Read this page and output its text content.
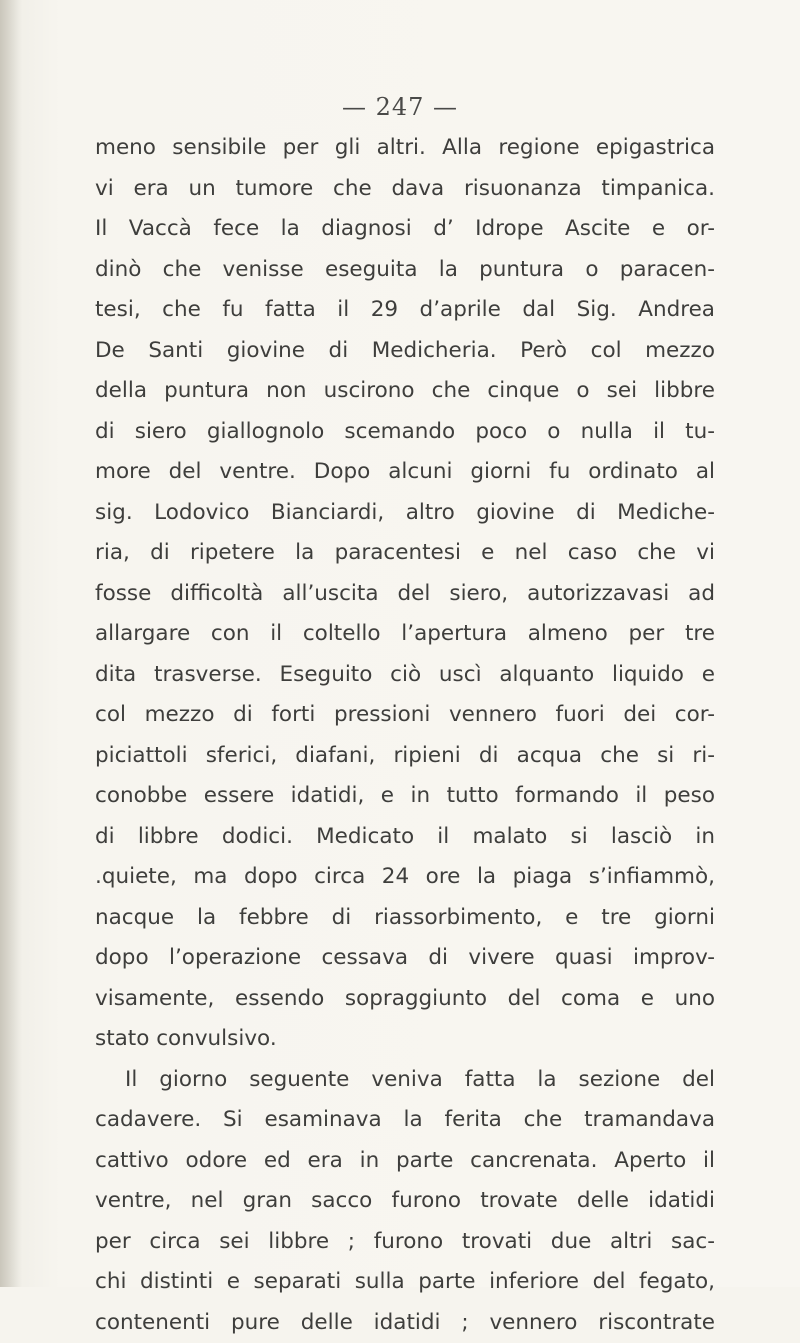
— 247 —
meno sensibile per gli altri. Alla regione epigastrica
vi era un tumore che dava risuonanza timpanica.
Il Vaccà fece la diagnosi d’ Idrope Ascite e or-
dinò che venisse eseguita la puntura o paracen-
tesi, che fu fatta il 29 d’aprile dal Sig. Andrea
De Santi giovine di Medicheria. Però col mezzo
della puntura non uscirono che cinque o sei libbre
di siero giallognolo scemando poco o nulla il tu-
more del ventre. Dopo alcuni giorni fu ordinato al
sig. Lodovico Bianciardi, altro giovine di Mediche-
ria, di ripetere la paracentesi e nel caso che vi
fosse difficoltà all’uscita del siero, autorizzavasi ad
allargare con il coltello l’apertura almeno per tre
dita trasverse. Eseguito ciò uscì alquanto liquido e
col mezzo di forti pressioni vennero fuori dei cor-
piciattoli sferici, diafani, ripieni di acqua che si ri-
conobbe essere idatidi, e in tutto formando il peso
di libbre dodici. Medicato il malato si lasciò in
.quiete, ma dopo circa 24 ore la piaga s’infiammò,
nacque la febbre di riassorbimento, e tre giorni
dopo l’operazione cessava di vivere quasi improv-
visamente, essendo sopraggiunto del coma e uno
stato convulsivo.
Il giorno seguente veniva fatta la sezione del
cadavere. Si esaminava la ferita che tramandava
cattivo odore ed era in parte cancrenata. Aperto il
ventre, nel gran sacco furono trovate delle idatidi
per circa sei libbre ; furono trovati due altri sac-
chi distinti e separati sulla parte inferiore del fegato,
contenenti pure delle idatidi ; vennero riscontrate
